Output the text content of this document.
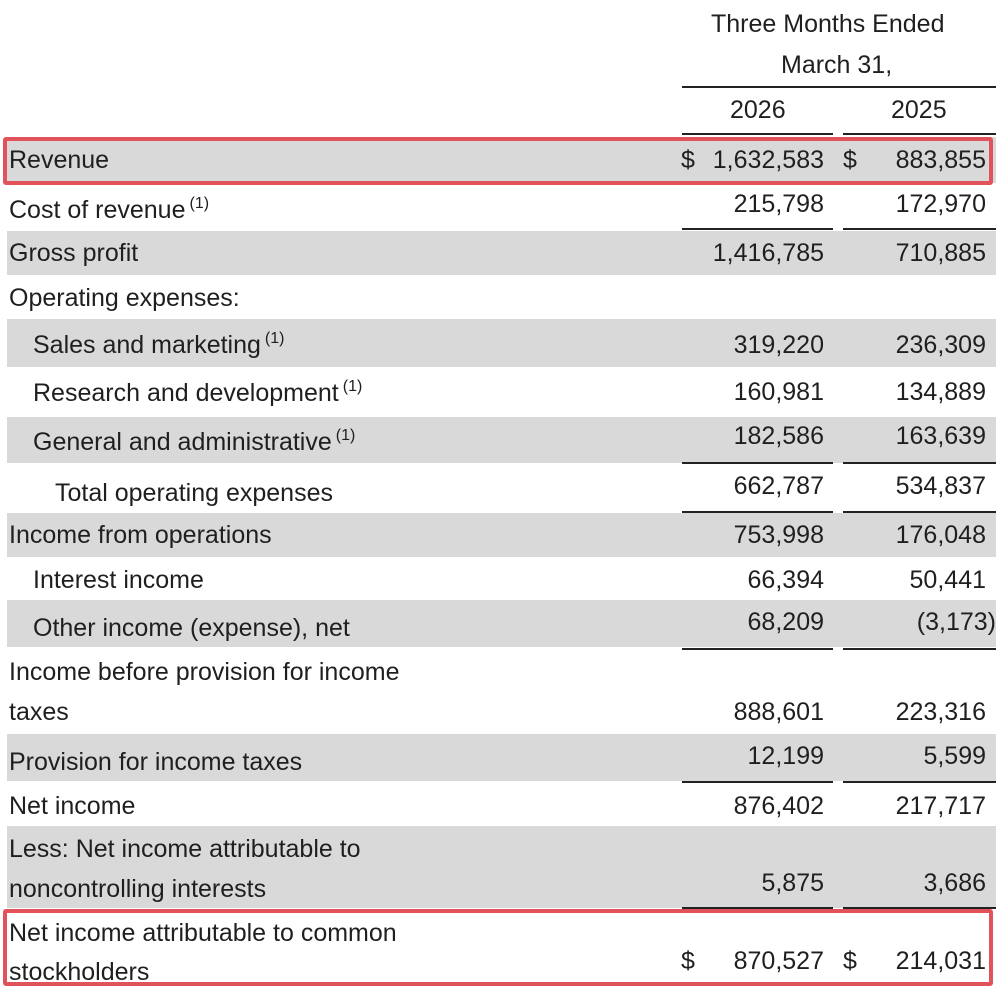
Three Months Ended
March 31,
2026	2025
Revenue	$ 1,632,583 $ 883,855
Cost of revenue $^{(1)}$	215,798	172,970
Gross profit	1,416,785	710,885
Operating expenses:
Sales and marketing $^{(1)}$	319,220	236,309
Research and development $^{(1)}$	160,981	134,889
General and administrative $^{(1)}$	182,586	163,639
Total operating expenses	662,787	534,837
Income from operations	753,998	176,048
Interest income	66,394	50,441
Other income (expense), net	68,209	(3,173)
Income before provision for income
taxes	888,601	223,316
Provision for income taxes	12,199	5,599
Net income	876,402	217,717
Less: Net income attributable to
noncontrolling interests	5,875	3,686
Net income attributable to common
stockholders	$ 870,527 $ 214,031
